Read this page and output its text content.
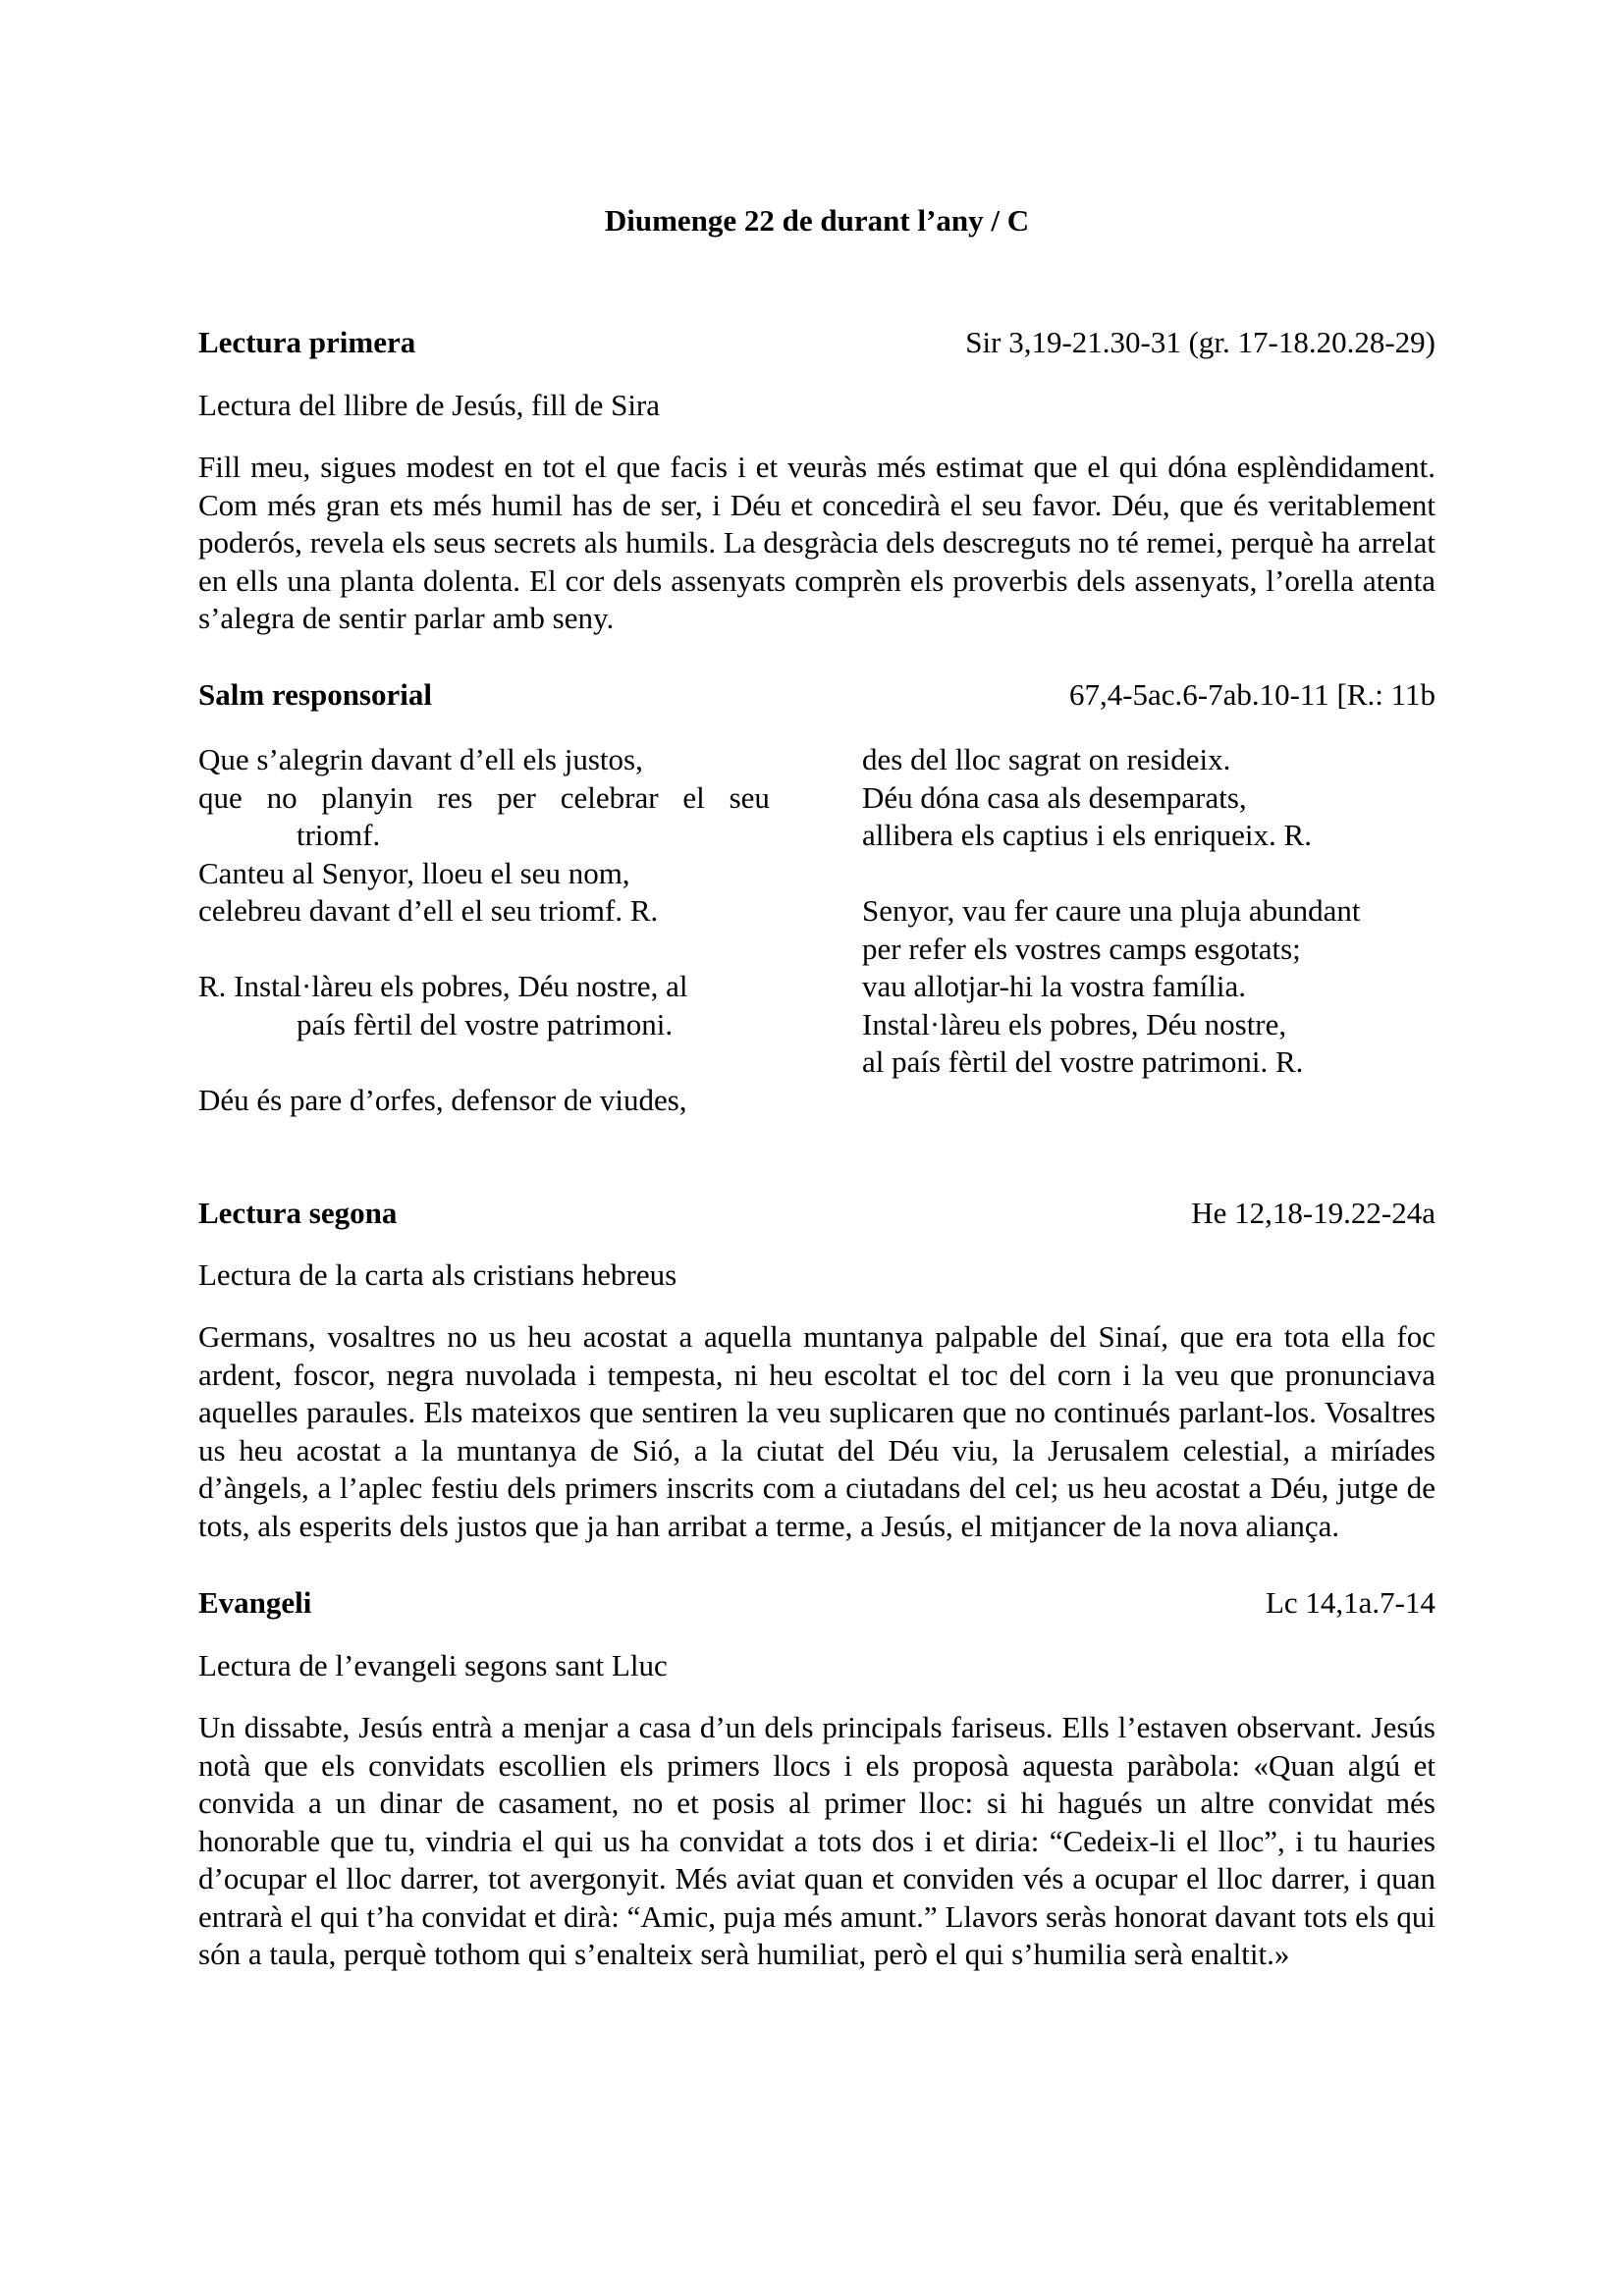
Diumenge 22 de durant l’any / C
Lectura primera	Sir 3,19-21.30-31 (gr. 17-18.20.28-29)
Lectura del llibre de Jesús, fill de Sira

Fill meu, sigues modest en tot el que facis i et veuràs més estimat que el qui dóna esplèndidament. Com més gran ets més humil has de ser, i Déu et concedirà el seu favor. Déu, que és veritablement poderós, revela els seus secrets als humils. La desgràcia dels descreguts no té remei, perquè ha arrelat en ells una planta dolenta. El cor dels assenyats comprèn els proverbis dels assenyats, l’orella atenta s’alegra de sentir parlar amb seny.

Salm responsorial	67,4-5ac.6-7ab.10-11 [R.: 11b
Que s’alegrin davant d’ell els justos,
que no planyin res per celebrar el seu
triomf.
Canteu al Senyor, lloeu el seu nom,
celebreu davant d’ell el seu triomf. R.
R. Instal·làreu els pobres, Déu nostre, al
país fèrtil del vostre patrimoni.
Déu és pare d’orfes, defensor de viudes,
des del lloc sagrat on resideix.
Déu dóna casa als desemparats,
allibera els captius i els enriqueix. R.
Senyor, vau fer caure una pluja abundant
per refer els vostres camps esgotats;
vau allotjar-hi la vostra família.
Instal·làreu els pobres, Déu nostre,
al país fèrtil del vostre patrimoni. R.
Lectura segona	He 12,18-19.22-24a
Lectura de la carta als cristians hebreus

Germans, vosaltres no us heu acostat a aquella muntanya palpable del Sinaí, que era tota ella foc ardent, foscor, negra nuvolada i tempesta, ni heu escoltat el toc del corn i la veu que pronunciava aquelles paraules. Els mateixos que sentiren la veu suplicaren que no continués parlant-los. Vosaltres us heu acostat a la muntanya de Sió, a la ciutat del Déu viu, la Jerusalem celestial, a miríades d’àngels, a l’aplec festiu dels primers inscrits com a ciutadans del cel; us heu acostat a Déu, jutge de tots, als esperits dels justos que ja han arribat a terme, a Jesús, el mitjancer de la nova aliança.

Evangeli	Lc 14,1a.7-14
Lectura de l’evangeli segons sant Lluc

Un dissabte, Jesús entrà a menjar a casa d’un dels principals fariseus. Ells l’estaven observant. Jesús notà que els convidats escollien els primers llocs i els proposà aquesta paràbola: «Quan algú et convida a un dinar de casament, no et posis al primer lloc: si hi hagués un altre convidat més honorable que tu, vindria el qui us ha convidat a tots dos i et diria: “Cedeix-li el lloc”, i tu hauries d’ocupar el lloc darrer, tot avergonyit. Més aviat quan et conviden vés a ocupar el lloc darrer, i quan entrarà el qui t’ha convidat et dirà: “Amic, puja més amunt.” Llavors seràs honorat davant tots els qui són a taula, perquè tothom qui s’enalteix serà humiliat, però el qui s’humilia serà enaltit.»
